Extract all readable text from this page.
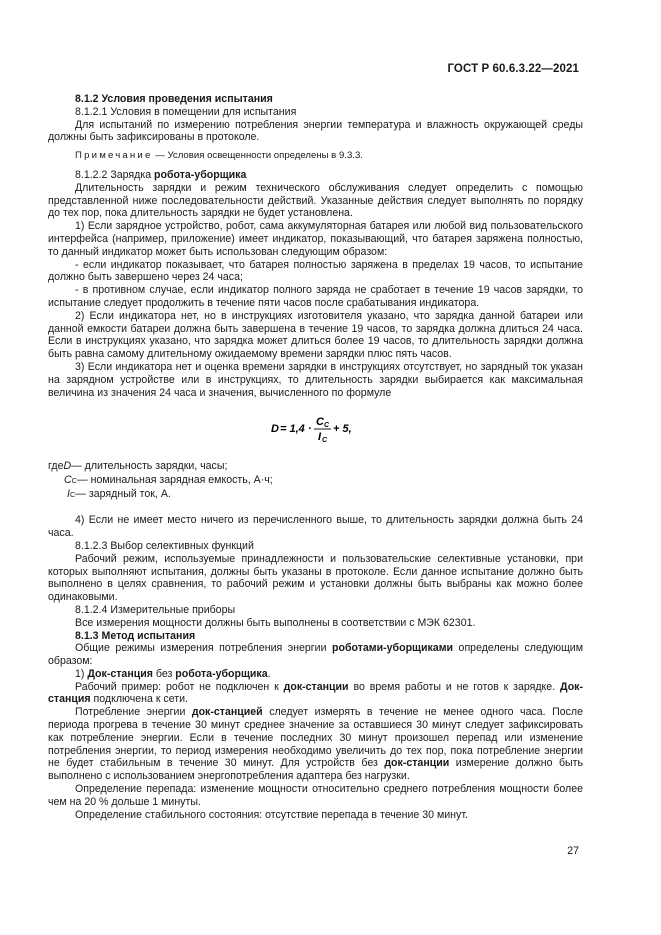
ГОСТ Р 60.6.3.22—2021

8.1.2 Условия проведения испытания

8.1.2.1 Условия в помещении для испытания

Для испытаний по измерению потребления энергии температура и влажность окружающей среды должны быть зафиксированы в протоколе.

Примечание — Условия освещенности определены в 9.3.3.

8.1.2.2 Зарядка робота-уборщика

Длительность зарядки и режим технического обслуживания следует определить с помощью представленной ниже последовательности действий. Указанные действия следует выполнять по порядку до тех пор, пока длительность зарядки не будет установлена.

1) Если зарядное устройство, робот, сама аккумуляторная батарея или любой вид пользовательского интерфейса (например, приложение) имеет индикатор, показывающий, что батарея заряжена полностью, то данный индикатор может быть использован следующим образом:

- если индикатор показывает, что батарея полностью заряжена в пределах 19 часов, то испытание должно быть завершено через 24 часа;

- в противном случае, если индикатор полного заряда не сработает в течение 19 часов зарядки, то испытание следует продолжить в течение пяти часов после срабатывания индикатора.

2) Если индикатора нет, но в инструкциях изготовителя указано, что зарядка данной батареи или данной емкости батареи должна быть завершена в течение 19 часов, то зарядка должна длиться 24 часа. Если в инструкциях указано, что зарядка может длиться более 19 часов, то длительность зарядки должна быть равна самому длительному ожидаемому времени зарядки плюс пять часов.

3) Если индикатора нет и оценка времени зарядки в инструкциях отсутствует, но зарядный ток указан на зарядном устройстве или в инструкциях, то длительность зарядки выбирается как максимальная величина из значения 24 часа и значения, вычисленного по формуле

D = 1,4 ·
C C
I C
+ 5,
где D — длительность зарядки, часы;
C C — номинальная зарядная емкость, А·ч;
I C — зарядный ток, А.

4) Если не имеет место ничего из перечисленного выше, то длительность зарядки должна быть 24 часа.

8.1.2.3 Выбор селективных функций

Рабочий режим, используемые принадлежности и пользовательские селективные установки, при которых выполняют испытания, должны быть указаны в протоколе. Если данное испытание должно быть выполнено в целях сравнения, то рабочий режим и установки должны быть выбраны как можно более одинаковыми.

8.1.2.4 Измерительные приборы

Все измерения мощности должны быть выполнены в соответствии с МЭК 62301.

8.1.3 Метод испытания

Общие режимы измерения потребления энергии роботами-уборщиками определены следующим образом:

1) Док-станция без робота-уборщика.

Рабочий пример: робот не подключен к док-станции во время работы и не готов к зарядке. Док-станция подключена к сети.

Потребление энергии док-станцией следует измерять в течение не менее одного часа. После периода прогрева в течение 30 минут среднее значение за оставшиеся 30 минут следует зафиксировать как потребление энергии. Если в течение последних 30 минут произошел перепад или изменение потребления энергии, то период измерения необходимо увеличить до тех пор, пока потребление энергии не будет стабильным в течение 30 минут. Для устройств без док-станции измерение должно быть выполнено с использованием энергопотребления адаптера без нагрузки.

Определение перепада: изменение мощности относительно среднего потребления мощности более чем на 20 % дольше 1 минуты.

Определение стабильного состояния: отсутствие перепада в течение 30 минут.

27
